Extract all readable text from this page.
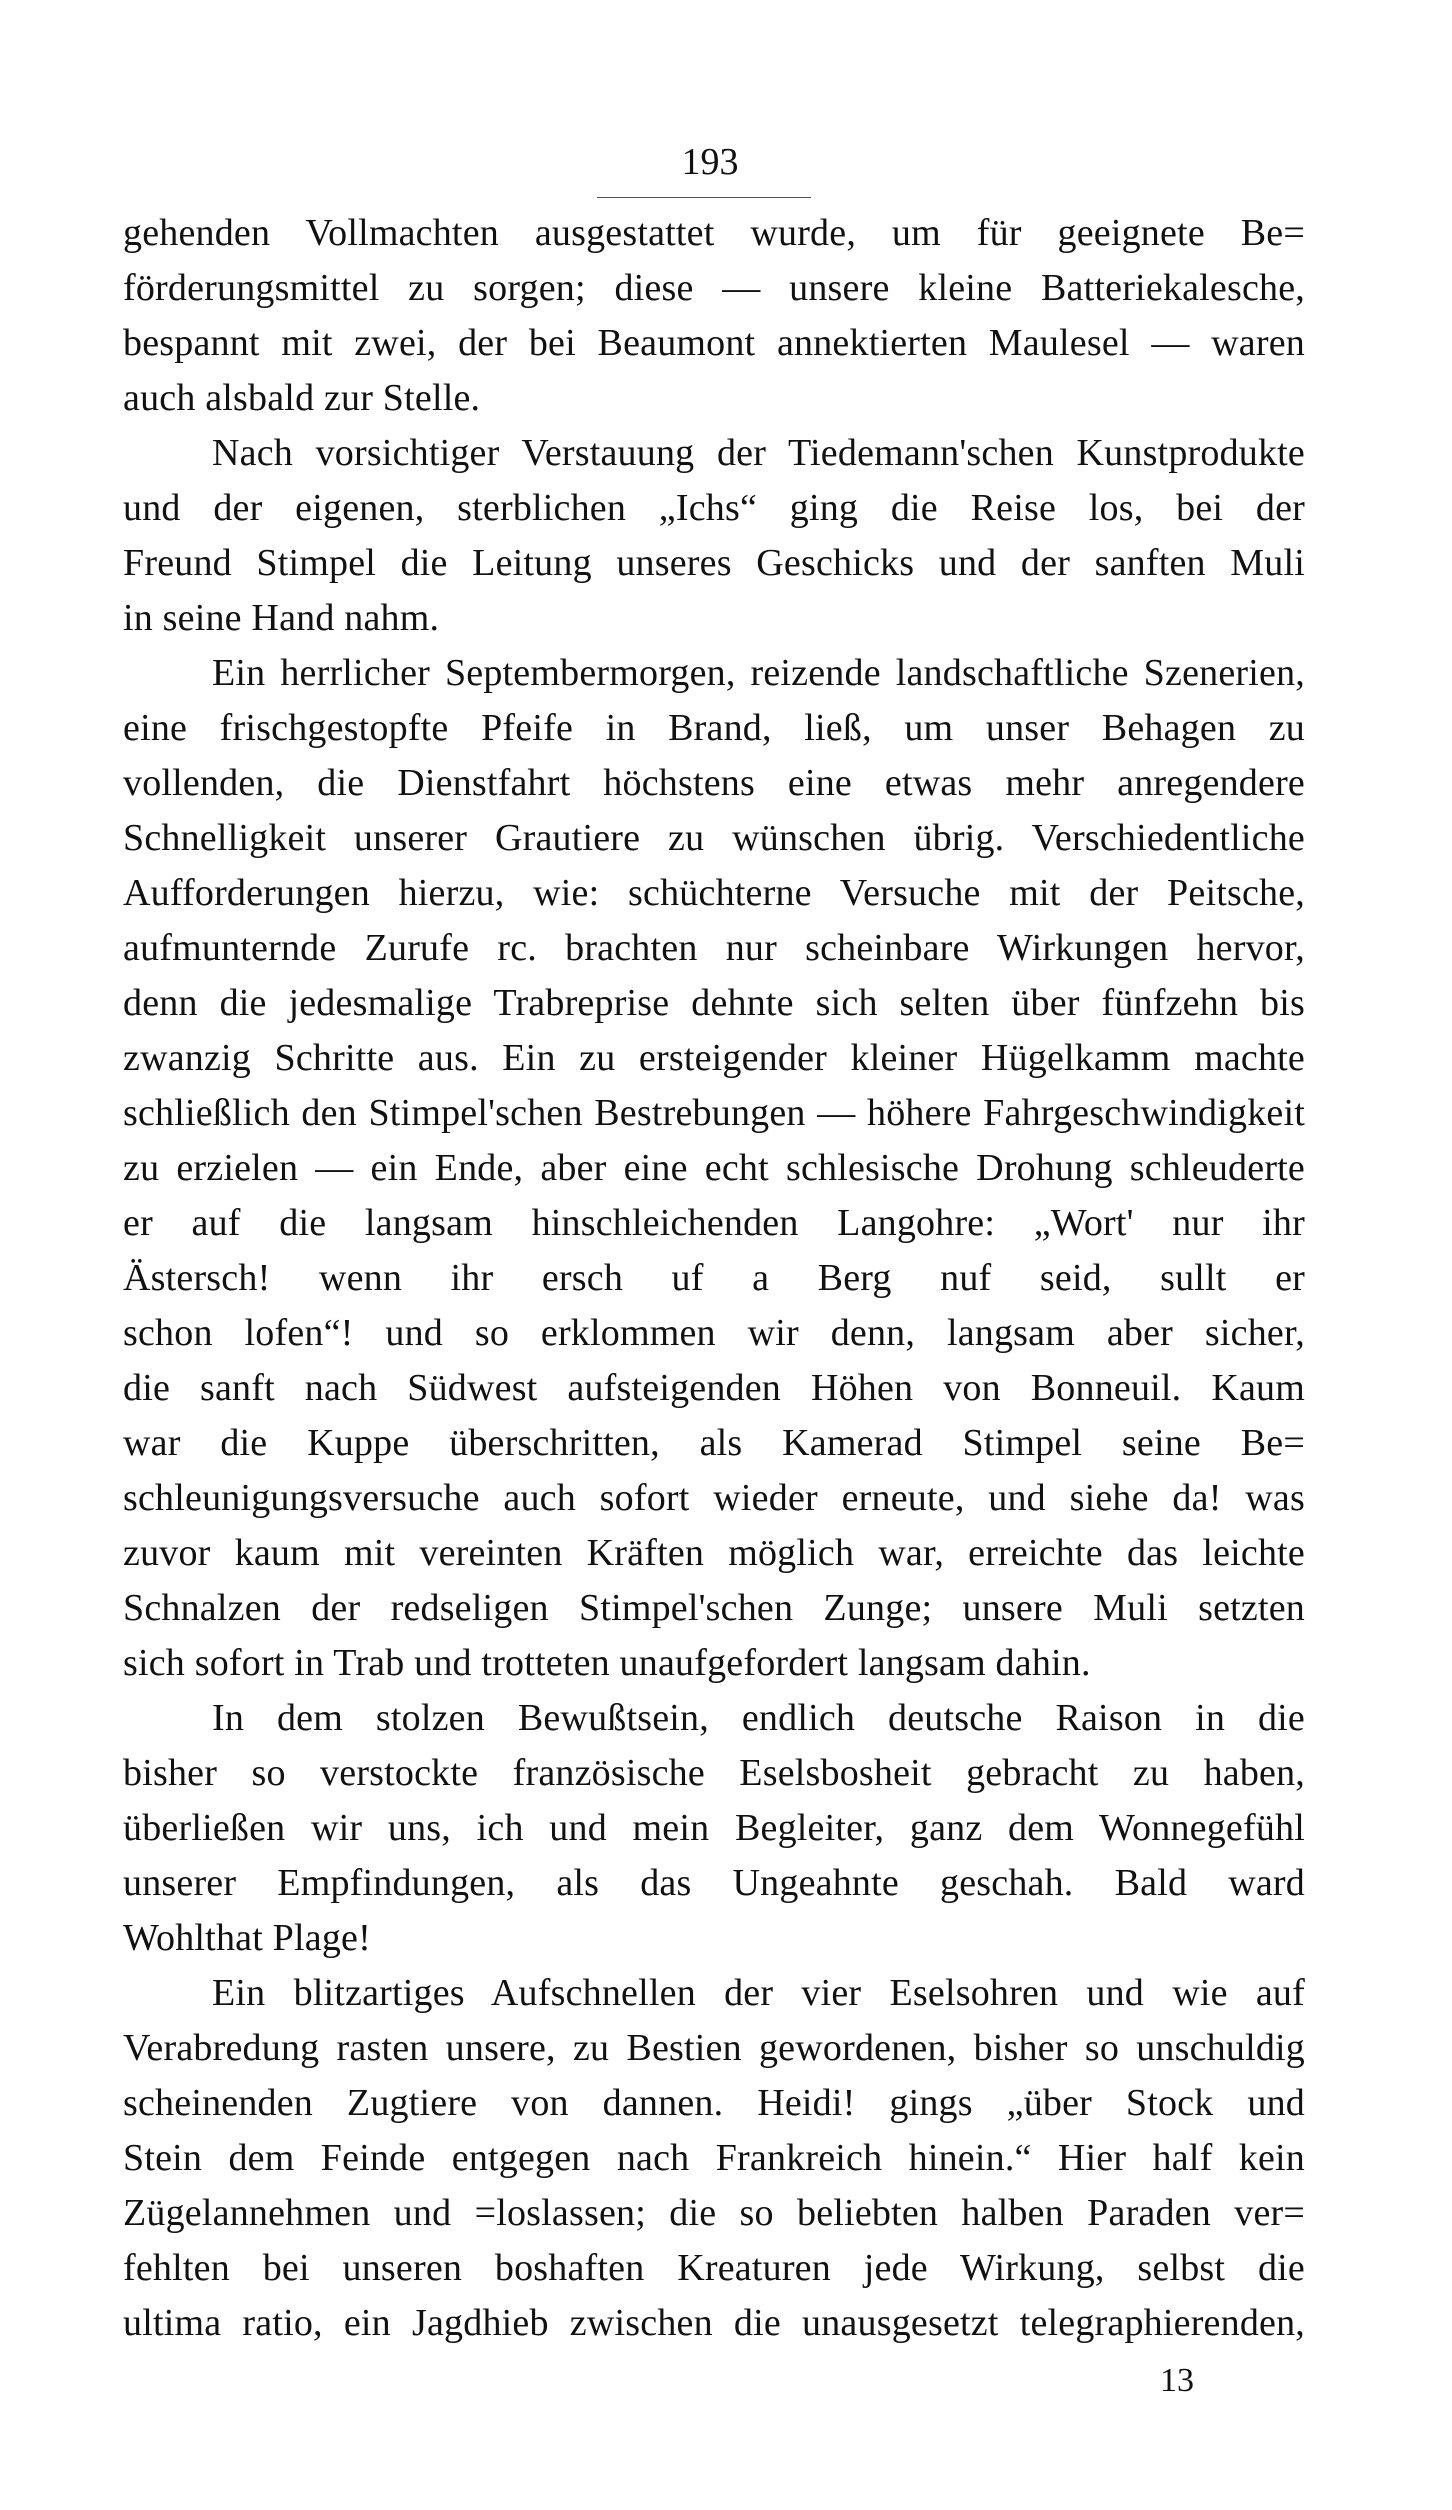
193
gehenden Vollmachten ausgestattet wurde, um für geeignete Be=
förderungsmittel zu sorgen; diese — unsere kleine Batteriekalesche,
bespannt mit zwei, der bei Beaumont annektierten Maulesel — waren
auch alsbald zur Stelle.
Nach vorsichtiger Verstauung der Tiedemann'schen Kunstprodukte
und der eigenen, sterblichen „Ichs“ ging die Reise los, bei der
Freund Stimpel die Leitung unseres Geschicks und der sanften Muli
in seine Hand nahm.
Ein herrlicher Septembermorgen, reizende landschaftliche Szenerien,
eine frischgestopfte Pfeife in Brand, ließ, um unser Behagen zu
vollenden, die Dienstfahrt höchstens eine etwas mehr anregendere
Schnelligkeit unserer Grautiere zu wünschen übrig. Verschiedentliche
Aufforderungen hierzu, wie: schüchterne Versuche mit der Peitsche,
aufmunternde Zurufe rc. brachten nur scheinbare Wirkungen hervor,
denn die jedesmalige Trabreprise dehnte sich selten über fünfzehn bis
zwanzig Schritte aus. Ein zu ersteigender kleiner Hügelkamm machte
schließlich den Stimpel'schen Bestrebungen — höhere Fahrgeschwindigkeit
zu erzielen — ein Ende, aber eine echt schlesische Drohung schleuderte
er auf die langsam hinschleichenden Langohre: „Wort' nur ihr
Ästersch! wenn ihr ersch uf a Berg nuf seid, sullt er
schon lofen“! und so erklommen wir denn, langsam aber sicher,
die sanft nach Südwest aufsteigenden Höhen von Bonneuil. Kaum
war die Kuppe überschritten, als Kamerad Stimpel seine Be=
schleunigungsversuche auch sofort wieder erneute, und siehe da! was
zuvor kaum mit vereinten Kräften möglich war, erreichte das leichte
Schnalzen der redseligen Stimpel'schen Zunge; unsere Muli setzten
sich sofort in Trab und trotteten unaufgefordert langsam dahin.
In dem stolzen Bewußtsein, endlich deutsche Raison in die
bisher so verstockte französische Eselsbosheit gebracht zu haben,
überließen wir uns, ich und mein Begleiter, ganz dem Wonnegefühl
unserer Empfindungen, als das Ungeahnte geschah. Bald ward
Wohlthat Plage!
Ein blitzartiges Aufschnellen der vier Eselsohren und wie auf
Verabredung rasten unsere, zu Bestien gewordenen, bisher so unschuldig
scheinenden Zugtiere von dannen. Heidi! gings „über Stock und
Stein dem Feinde entgegen nach Frankreich hinein.“ Hier half kein
Zügelannehmen und =loslassen; die so beliebten halben Paraden ver=
fehlten bei unseren boshaften Kreaturen jede Wirkung, selbst die
ultima ratio, ein Jagdhieb zwischen die unausgesetzt telegraphierenden,
13
